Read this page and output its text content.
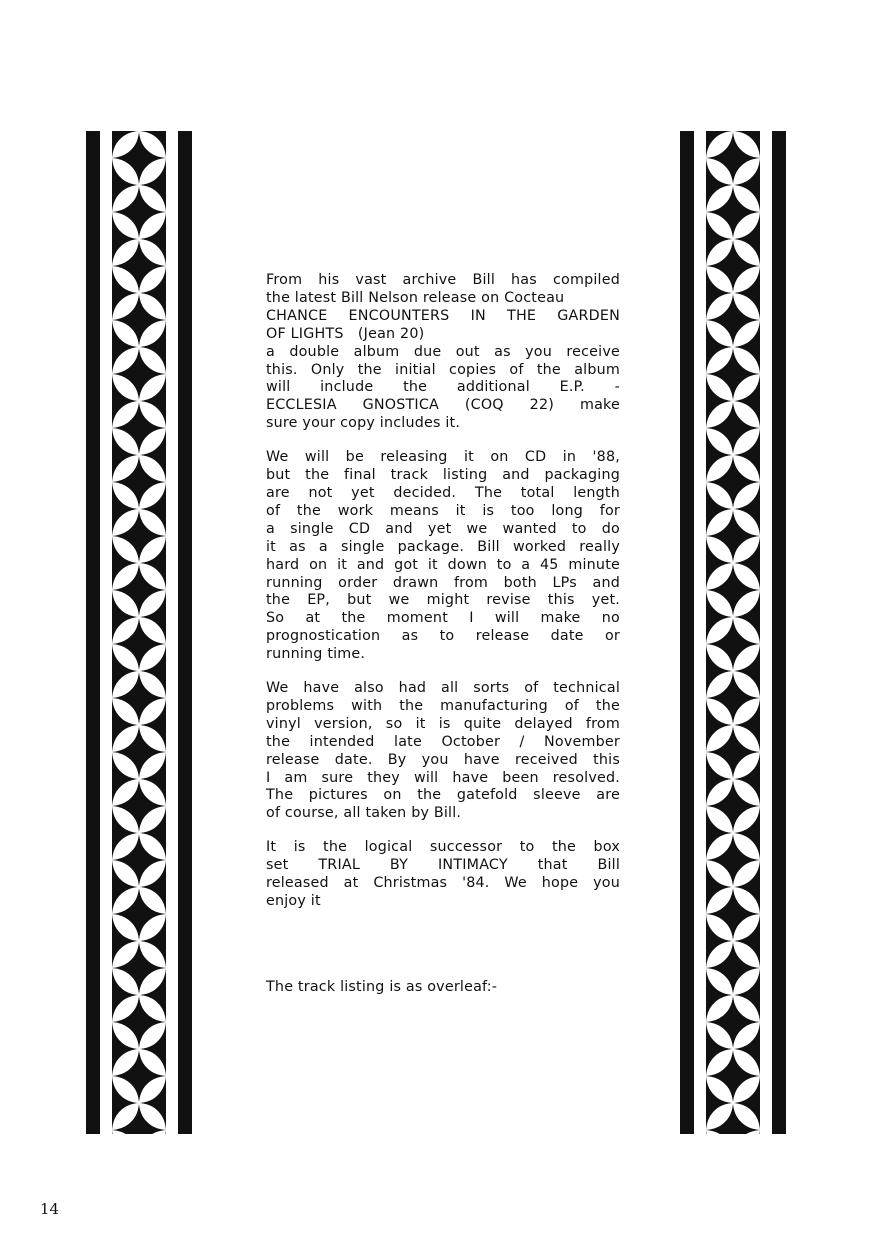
From his vast archive Bill has compiled
the latest Bill Nelson release on Cocteau
CHANCE ENCOUNTERS IN THE GARDEN
OF LIGHTS   (Jean 20)
a double album due out as you receive
this. Only the initial copies of the album
will include the additional E.P. -
ECCLESIA GNOSTICA (COQ 22) make
sure your copy includes it.
We will be releasing it on CD in '88,
but the final track listing and packaging
are not yet decided. The total length
of the work means it is too long for
a single CD and yet we wanted to do
it as a single package. Bill worked really
hard on it and got it down to a 45 minute
running order drawn from both LPs and
the EP, but we might revise this yet.
So at the moment I will make no
prognostication as to release date or
running time.
We have also had all sorts of technical
problems with the manufacturing of the
vinyl version, so it is quite delayed from
the intended late October / November
release date. By you have received this
I am sure they will have been resolved.
The pictures on the gatefold sleeve are
of course, all taken by Bill.
It is the logical successor to the box
set TRIAL BY INTIMACY that Bill
released at Christmas '84. We hope you
enjoy it
The track listing is as overleaf:-
14
